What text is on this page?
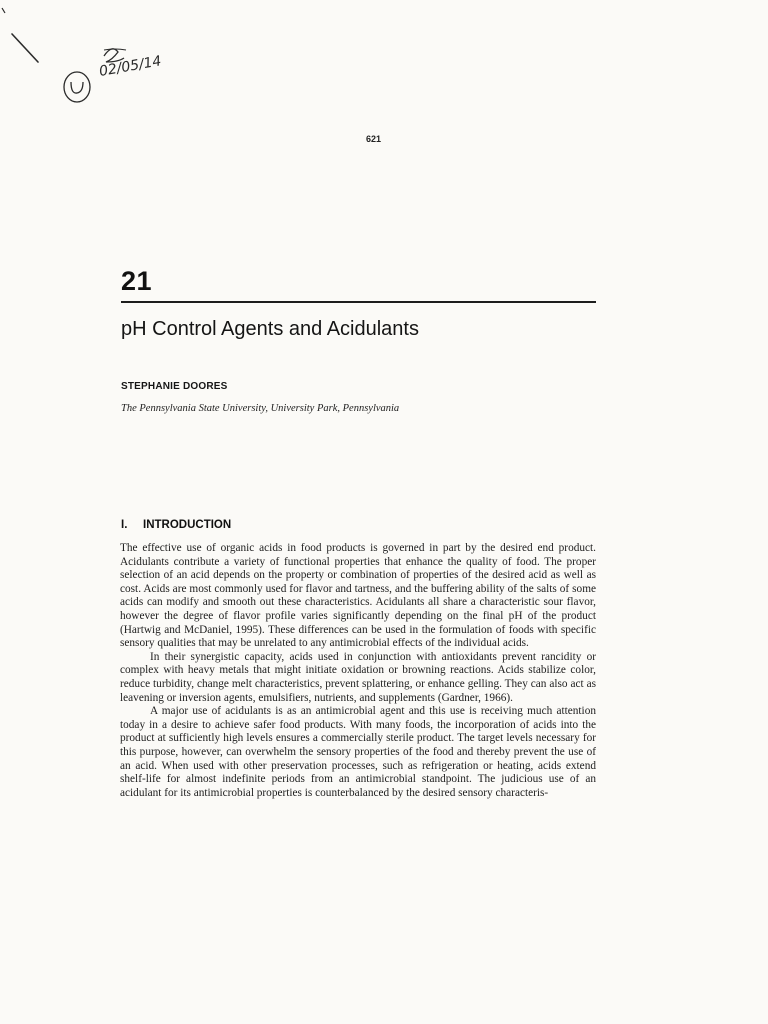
02/05/14
621
21
pH Control Agents and Acidulants
STEPHANIE DOORES
The Pennsylvania State University, University Park, Pennsylvania
I. INTRODUCTION

The effective use of organic acids in food products is governed in part by the desired end product. Acidulants contribute a variety of functional properties that enhance the quality of food. The proper selection of an acid depends on the property or combination of properties of the desired acid as well as cost. Acids are most commonly used for flavor and tartness, and the buffering ability of the salts of some acids can modify and smooth out these characteristics. Acidulants all share a characteristic sour flavor, however the degree of flavor profile varies significantly depending on the final pH of the product (Hartwig and McDaniel, 1995). These differences can be used in the formulation of foods with specific sensory qualities that may be unrelated to any antimicrobial effects of the individual acids.

In their synergistic capacity, acids used in conjunction with antioxidants prevent rancidity or complex with heavy metals that might initiate oxidation or browning reactions. Acids stabilize color, reduce turbidity, change melt characteristics, prevent splattering, or enhance gelling. They can also act as leavening or inversion agents, emulsifiers, nutrients, and supplements (Gardner, 1966).

A major use of acidulants is as an antimicrobial agent and this use is receiving much attention today in a desire to achieve safer food products. With many foods, the incorporation of acids into the product at sufficiently high levels ensures a commercially sterile product. The target levels necessary for this purpose, however, can overwhelm the sensory properties of the food and thereby prevent the use of an acid. When used with other preservation processes, such as refrigeration or heating, acids extend shelf-life for almost indefinite periods from an antimicrobial standpoint. The judicious use of an acidulant for its antimicrobial properties is counterbalanced by the desired sensory characteris-
